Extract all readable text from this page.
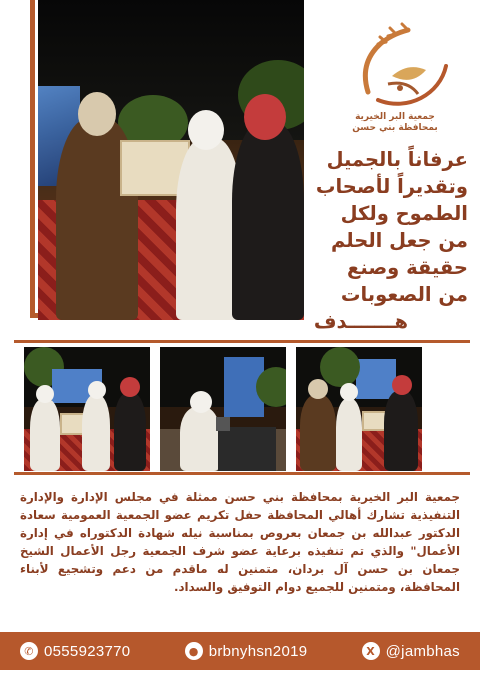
جمعية البر الخيرية
بمحافظة بني حسن
عرفاناً بالجميل
وتقديراً لأصحاب
الطموح ولكل
من جعل الحلم
حقيقة وصنع
من الصعوبات
هـــــــدف
جمعية البر الخيرية بمحافظة بني حسن ممثلة في مجلس الإدارة والإدارة التنفيذية تشارك أهالي المحافظة حفل تكريم عضو الجمعية العمومية سعادة الدكتور عبدالله بن جمعان بعروص بمناسبة نيله شهادة الدكتوراه في إدارة الأعمال" والذي تم تنفيذه برعاية عضو شرف الجمعية رجل الأعمال الشيخ جمعان بن حسن آل بردان، متمنين له ماقدم من دعم وتشجيع لأبناء المحافظة، ومتمنين للجميع دوام التوفيق والسداد.
✆ 0555923770	● brbnyhsn2019	X @jambhas
